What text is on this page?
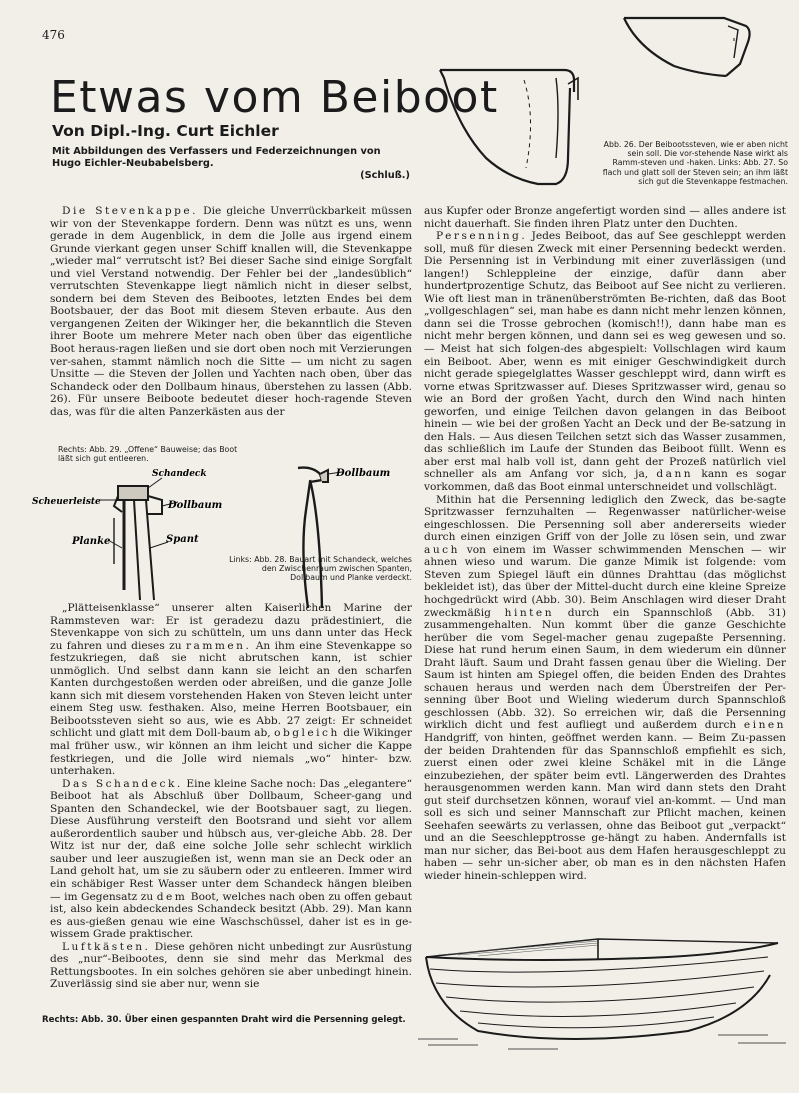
476
Etwas vom Beiboot
Von Dipl.-Ing. Curt Eichler
Mit Abbildungen des Verfassers und Federzeichnungen von Hugo Eichler-Neubabelsberg.
(Schluß.)
Abb. 26. Der Beibootssteven, wie er aben nicht sein soll. Die vor-stehende Nase wirkt als Ramm-steven und -haken. Links: Abb. 27. So flach und glatt soll der Steven sein; an ihm läßt sich gut die Stevenkappe festmachen.

Die Stevenkappe. Die gleiche Unverrückbarkeit müssen wir von der Stevenkappe fordern. Denn was nützt es uns, wenn gerade in dem Augenblick, in dem die Jolle aus irgend einem Grunde vierkant gegen unser Schiff knallen will, die Stevenkappe „wieder mal“ verrutscht ist? Bei dieser Sache sind einige Sorgfalt und viel Verstand notwendig. Der Fehler bei der „landesüblich“ verrutschten Stevenkappe liegt nämlich nicht in dieser selbst, sondern bei dem Steven des Beibootes, letzten Endes bei dem Bootsbauer, der das Boot mit diesem Steven erbaute. Aus den vergangenen Zeiten der Wikinger her, die bekanntlich die Steven ihrer Boote um mehrere Meter nach oben über das eigentliche Boot heraus-ragen ließen und sie dort oben noch mit Verzierungen ver-sahen, stammt nämlich noch die Sitte — um nicht zu sagen Unsitte — die Steven der Jollen und Yachten nach oben, über das Schandeck oder den Dollbaum hinaus, überstehen zu lassen (Abb. 26). Für unsere Beiboote bedeutet dieser hoch-ragende Steven das, was für die alten Panzerkästen aus der

Rechts: Abb. 29. „Offene“ Bauweise; das Boot läßt sich gut entleeren.
Schandeck
Scheuerleiste	Dollbaum
Planke	Spant
Dollbaum
Links: Abb. 28. Bauart mit Schandeck, welches den Zwischenraum zwischen Spanten, Dollbaum und Planke verdeckt.

„Plätteisenklasse“ unserer alten Kaiserlichen Marine der Rammsteven war: Er ist geradezu dazu prädestiniert, die Stevenkappe von sich zu schütteln, um uns dann unter das Heck zu fahren und dieses zu rammen. An ihm eine Stevenkappe so festzukriegen, daß sie nicht abrutschen kann, ist schier unmöglich. Und selbst dann kann sie leicht an den scharfen Kanten durchgestoßen werden oder abreißen, und die ganze Jolle kann sich mit diesem vorstehenden Haken von Steven leicht unter einem Steg usw. festhaken. Also, meine Herren Bootsbauer, ein Beibootssteven sieht so aus, wie es Abb. 27 zeigt: Er schneidet schlicht und glatt mit dem Doll-baum ab, obgleich die Wikinger mal früher usw., wir können an ihm leicht und sicher die Kappe festkriegen, und die Jolle wird niemals „wo“ hinter- bzw. unterhaken.

Das Schandeck. Eine kleine Sache noch: Das „elegantere“ Beiboot hat als Abschluß über Dollbaum, Scheer-gang und Spanten den Schandeckel, wie der Bootsbauer sagt, zu liegen. Diese Ausführung versteift den Bootsrand und sieht vor allem außerordentlich sauber und hübsch aus, ver-gleiche Abb. 28. Der Witz ist nur der, daß eine solche Jolle sehr schlecht wirklich sauber und leer auszugießen ist, wenn man sie an Deck oder an Land geholt hat, um sie zu säubern oder zu entleeren. Immer wird ein schäbiger Rest Wasser unter dem Schandeck hängen bleiben — im Gegensatz zu dem Boot, welches nach oben zu offen gebaut ist, also kein abdeckendes Schandeck besitzt (Abb. 29). Man kann es aus-gießen genau wie eine Waschschüssel, daher ist es in ge-wissem Grade praktischer.

Luftkästen. Diese gehören nicht unbedingt zur Ausrüstung des „nur“-Beibootes, denn sie sind mehr das Merkmal des Rettungsbootes. In ein solches gehören sie aber unbedingt hinein. Zuverlässig sind sie aber nur, wenn sie

aus Kupfer oder Bronze angefertigt worden sind — alles andere ist nicht dauerhaft. Sie finden ihren Platz unter den Duchten.

Persenning. Jedes Beiboot, das auf See geschleppt werden soll, muß für diesen Zweck mit einer Persenning bedeckt werden. Die Persenning ist in Verbindung mit einer zuverlässigen (und langen!) Schleppleine der einzige, dafür dann aber hundertprozentige Schutz, das Beiboot auf See nicht zu verlieren. Wie oft liest man in tränenüberströmten Be-richten, daß das Boot „vollgeschlagen“ sei, man habe es dann nicht mehr lenzen können, dann sei die Trosse gebrochen (komisch!!), dann habe man es nicht mehr bergen können, und dann sei es weg gewesen und so. — Meist hat sich folgen-des abgespielt: Vollschlagen wird kaum ein Beiboot. Aber, wenn es mit einiger Geschwindigkeit durch nicht gerade spiegelglattes Wasser geschleppt wird, dann wirft es vorne etwas Spritzwasser auf. Dieses Spritzwasser wird, genau so wie an Bord der großen Yacht, durch den Wind nach hinten geworfen, und einige Teilchen davon gelangen in das Beiboot hinein — wie bei der großen Yacht an Deck und der Be-satzung in den Hals. — Aus diesen Teilchen setzt sich das Wasser zusammen, das schließlich im Laufe der Stunden das Beiboot füllt. Wenn es aber erst mal halb voll ist, dann geht der Prozeß natürlich viel schneller als am Anfang vor sich, ja, dann kann es sogar vorkommen, daß das Boot einmal unterschneidet und vollschlägt.

Mithin hat die Persenning lediglich den Zweck, das be-sagte Spritzwasser fernzuhalten — Regenwasser natürlicher-weise eingeschlossen. Die Persenning soll aber andererseits wieder durch einen einzigen Griff von der Jolle zu lösen sein, und zwar auch von einem im Wasser schwimmenden Menschen — wir ahnen wieso und warum. Die ganze Mimik ist folgende: vom Steven zum Spiegel läuft ein dünnes Drahttau (das möglichst bekleidet ist), das über der Mittel-ducht durch eine kleine Spreize hochgedrückt wird (Abb. 30). Beim Anschlagen wird dieser Draht zweckmäßig hinten durch ein Spannschloß (Abb. 31) zusammengehalten. Nun kommt über die ganze Geschichte herüber die vom Segel-macher genau zugepaßte Persenning. Diese hat rund herum einen Saum, in dem wiederum ein dünner Draht läuft. Saum und Draht fassen genau über die Wieling. Der Saum ist hinten am Spiegel offen, die beiden Enden des Drahtes schauen heraus und werden nach dem Überstreifen der Per-senning über Boot und Wieling wiederum durch Spannschloß geschlossen (Abb. 32). So erreichen wir, daß die Persenning wirklich dicht und fest aufliegt und außerdem durch einen Handgriff, von hinten, geöffnet werden kann. — Beim Zu-passen der beiden Drahtenden für das Spannschloß empfiehlt es sich, zuerst einen oder zwei kleine Schäkel mit in die Länge einzubeziehen, der später beim evtl. Längerwerden des Drahtes herausgenommen werden kann. Man wird dann stets den Draht gut steif durchsetzen können, worauf viel an-kommt. — Und man soll es sich und seiner Mannschaft zur Pflicht machen, keinen Seehafen seewärts zu verlassen, ohne das Beiboot gut „verpackt“ und an die Seeschlepptrosse ge-hängt zu haben. Andernfalls ist man nur sicher, das Bei-boot aus dem Hafen herausgeschleppt zu haben — sehr un-sicher aber, ob man es in den nächsten Hafen wieder hinein-schleppen wird.

Rechts: Abb. 30. Über einen gespannten Draht wird die Persenning gelegt.
